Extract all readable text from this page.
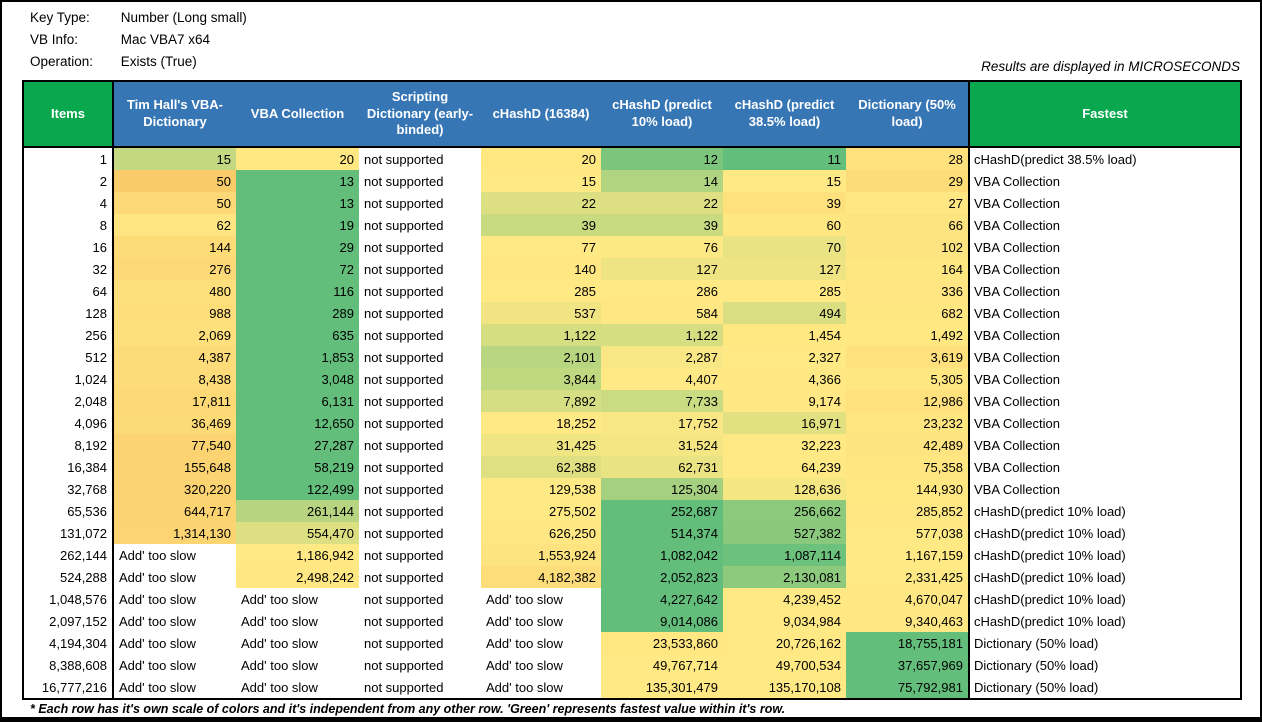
Key Type: Number (Long small)
VB Info:	Mac VBA7 x64
Operation: Exists (True)	Results are displayed in MICROSECONDS
Items	Tim Hall's VBA-Dictionary	VBA Collection	Scripting Dictionary (early-binded)	cHashD (16384)	cHashD (predict 10% load)	cHashD (predict 38.5% load)	Dictionary (50% load)	Fastest
1	15	20	not supported	20	12	11	28	cHashD(predict 38.5% load)
2	50	13	not supported	15	14	15	29	VBA Collection
4	50	13	not supported	22	22	39	27	VBA Collection
8	62	19	not supported	39	39	60	66	VBA Collection
16	144	29	not supported	77	76	70	102	VBA Collection
32	276	72	not supported	140	127	127	164	VBA Collection
64	480	116	not supported	285	286	285	336	VBA Collection
128	988	289	not supported	537	584	494	682	VBA Collection
256	2,069	635	not supported	1,122	1,122	1,454	1,492	VBA Collection
512	4,387	1,853	not supported	2,101	2,287	2,327	3,619	VBA Collection
1,024	8,438	3,048	not supported	3,844	4,407	4,366	5,305	VBA Collection
2,048	17,811	6,131	not supported	7,892	7,733	9,174	12,986	VBA Collection
4,096	36,469	12,650	not supported	18,252	17,752	16,971	23,232	VBA Collection
8,192	77,540	27,287	not supported	31,425	31,524	32,223	42,489	VBA Collection
16,384	155,648	58,219	not supported	62,388	62,731	64,239	75,358	VBA Collection
32,768	320,220	122,499	not supported	129,538	125,304	128,636	144,930	VBA Collection
65,536	644,717	261,144	not supported	275,502	252,687	256,662	285,852	cHashD(predict 10% load)
131,072	1,314,130	554,470	not supported	626,250	514,374	527,382	577,038	cHashD(predict 10% load)
262,144	Add' too slow	1,186,942	not supported	1,553,924	1,082,042	1,087,114	1,167,159	cHashD(predict 10% load)
524,288	Add' too slow	2,498,242	not supported	4,182,382	2,052,823	2,130,081	2,331,425	cHashD(predict 10% load)
1,048,576	Add' too slow	Add' too slow	not supported	Add' too slow	4,227,642	4,239,452	4,670,047	cHashD(predict 10% load)
2,097,152	Add' too slow	Add' too slow	not supported	Add' too slow	9,014,086	9,034,984	9,340,463	cHashD(predict 10% load)
4,194,304	Add' too slow	Add' too slow	not supported	Add' too slow	23,533,860	20,726,162	18,755,181	Dictionary (50% load)
8,388,608	Add' too slow	Add' too slow	not supported	Add' too slow	49,767,714	49,700,534	37,657,969	Dictionary (50% load)
16,777,216	Add' too slow	Add' too slow	not supported	Add' too slow	135,301,479	135,170,108	75,792,981	Dictionary (50% load)
* Each row has it's own scale of colors and it's independent from any other row. 'Green' represents fastest value within it's row.
